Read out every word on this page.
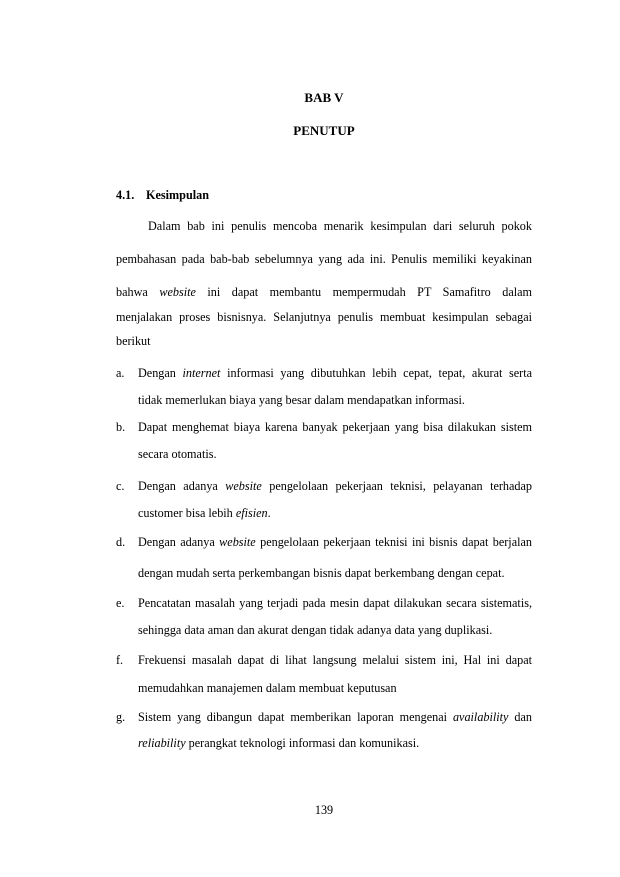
BAB V
PENUTUP
4.1. Kesimpulan
Dalam bab ini penulis mencoba menarik kesimpulan dari seluruh pokok
pembahasan pada bab-bab sebelumnya yang ada ini. Penulis memiliki keyakinan
bahwa website ini dapat membantu mempermudah PT Samafitro dalam
menjalakan proses bisnisnya. Selanjutnya penulis membuat kesimpulan sebagai
berikut
a. Dengan internet informasi yang dibutuhkan lebih cepat, tepat, akurat serta
tidak memerlukan biaya yang besar dalam mendapatkan informasi.
b. Dapat menghemat biaya karena banyak pekerjaan yang bisa dilakukan sistem
secara otomatis.
c. Dengan adanya website pengelolaan pekerjaan teknisi, pelayanan terhadap
customer bisa lebih efisien.
d. Dengan adanya website pengelolaan pekerjaan teknisi ini bisnis dapat berjalan
dengan mudah serta perkembangan bisnis dapat berkembang dengan cepat.
e. Pencatatan masalah yang terjadi pada mesin dapat dilakukan secara sistematis,
sehingga data aman dan akurat dengan tidak adanya data yang duplikasi.
f. Frekuensi masalah dapat di lihat langsung melalui sistem ini, Hal ini dapat
memudahkan manajemen dalam membuat keputusan
g. Sistem yang dibangun dapat memberikan laporan mengenai availability dan
reliability perangkat teknologi informasi dan komunikasi.
139
